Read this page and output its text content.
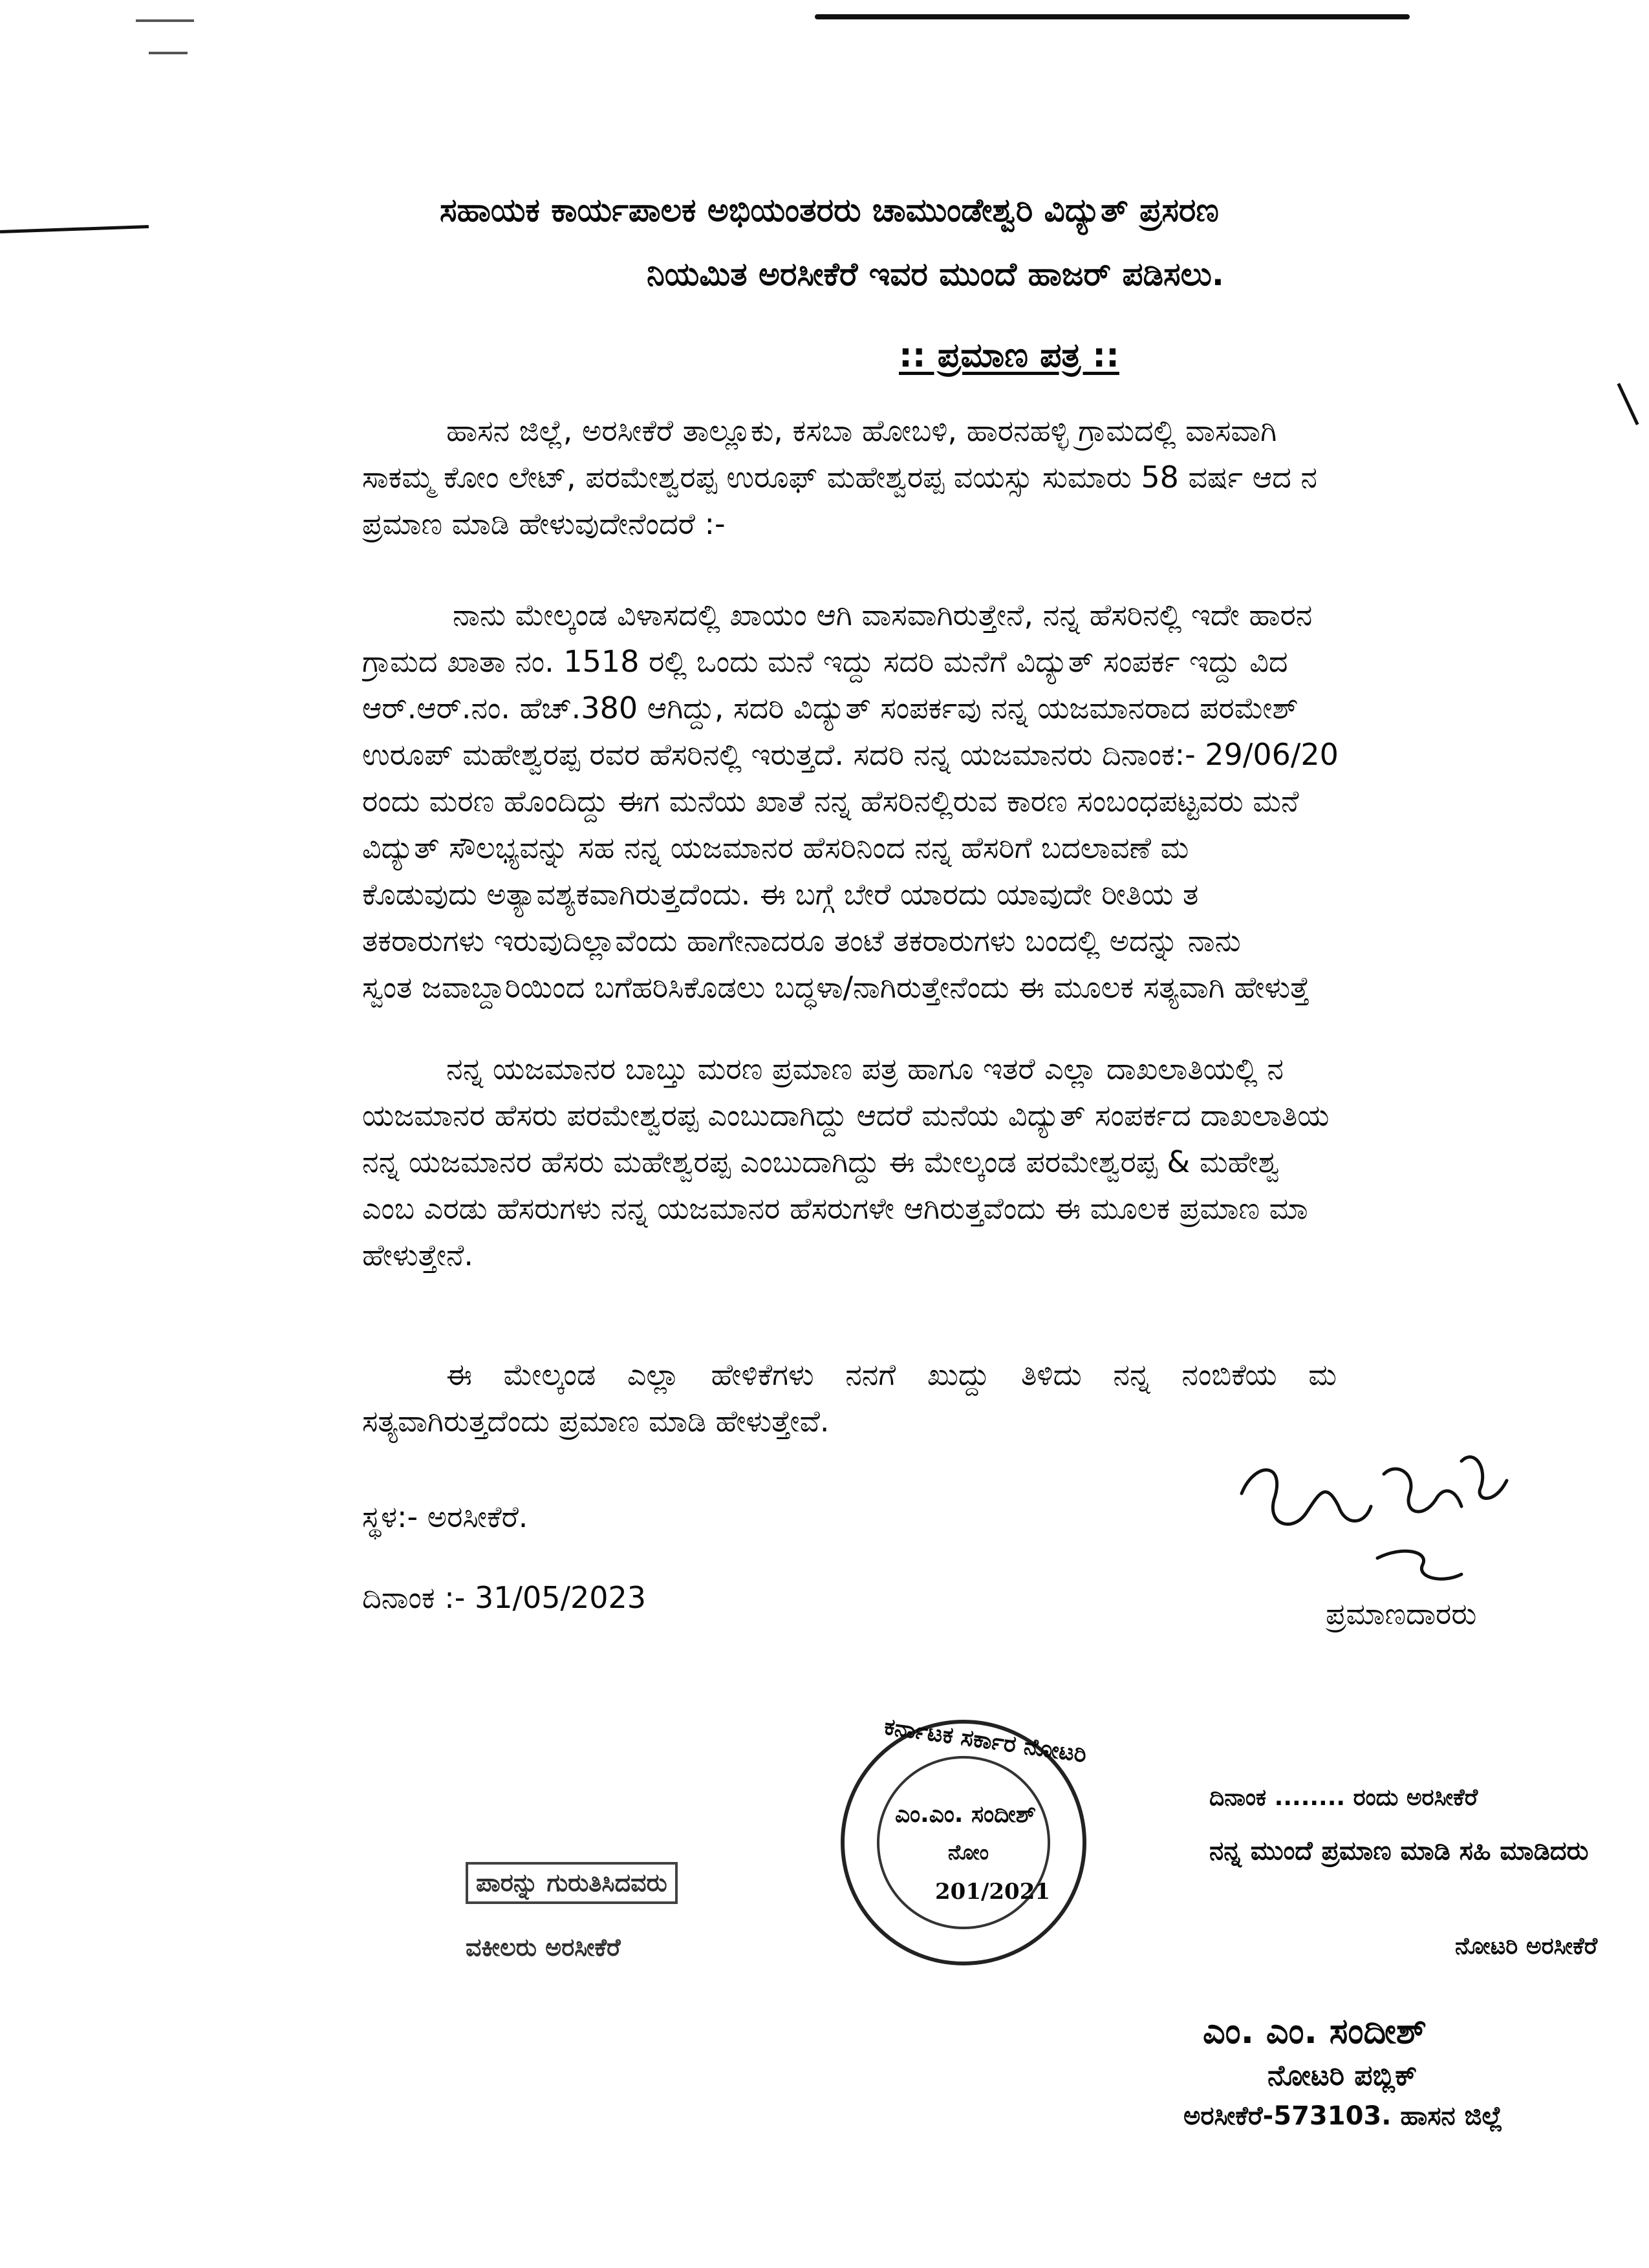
ಸಹಾಯಕ ಕಾರ್ಯಪಾಲಕ ಅಭಿಯಂತರರು ಚಾಮುಂಡೇಶ್ವರಿ ವಿದ್ಯುತ್ ಪ್ರಸರಣ
ನಿಯಮಿತ ಅರಸೀಕೆರೆ ಇವರ ಮುಂದೆ ಹಾಜರ್ ಪಡಿಸಲು.
:: ಪ್ರಮಾಣ ಪತ್ರ ::
ಹಾಸನ ಜಿಲ್ಲೆ, ಅರಸೀಕೆರೆ ತಾಲ್ಲೂಕು, ಕಸಬಾ ಹೋಬಳಿ, ಹಾರನಹಳ್ಳಿ ಗ್ರಾಮದಲ್ಲಿ ವಾಸವಾಗಿ
ಸಾಕಮ್ಮ ಕೋಂ ಲೇಟ್, ಪರಮೇಶ್ವರಪ್ಪ ಉರೂಫ್ ಮಹೇಶ್ವರಪ್ಪ ವಯಸ್ಸು ಸುಮಾರು 58 ವರ್ಷ ಆದ ನ
ಪ್ರಮಾಣ ಮಾಡಿ ಹೇಳುವುದೇನೆಂದರೆ :-
ನಾನು ಮೇಲ್ಕಂಡ ವಿಳಾಸದಲ್ಲಿ ಖಾಯಂ ಆಗಿ ವಾಸವಾಗಿರುತ್ತೇನೆ, ನನ್ನ ಹೆಸರಿನಲ್ಲಿ ಇದೇ ಹಾರನ
ಗ್ರಾಮದ ಖಾತಾ ನಂ. 1518 ರಲ್ಲಿ ಒಂದು ಮನೆ ಇದ್ದು ಸದರಿ ಮನೆಗೆ ವಿದ್ಯುತ್ ಸಂಪರ್ಕ ಇದ್ದು ವಿದ
ಆರ್.ಆರ್.ನಂ. ಹೆಚ್.380 ಆಗಿದ್ದು, ಸದರಿ ವಿದ್ಯುತ್ ಸಂಪರ್ಕವು ನನ್ನ ಯಜಮಾನರಾದ ಪರಮೇಶ್
ಉರೂಪ್ ಮಹೇಶ್ವರಪ್ಪ ರವರ ಹೆಸರಿನಲ್ಲಿ ಇರುತ್ತದೆ. ಸದರಿ ನನ್ನ ಯಜಮಾನರು ದಿನಾಂಕ:- 29/06/20
ರಂದು ಮರಣ ಹೊಂದಿದ್ದು ಈಗ ಮನೆಯ ಖಾತೆ ನನ್ನ ಹೆಸರಿನಲ್ಲಿರುವ ಕಾರಣ ಸಂಬಂಧಪಟ್ಟವರು ಮನೆ
ವಿದ್ಯುತ್ ಸೌಲಭ್ಯವನ್ನು ಸಹ ನನ್ನ ಯಜಮಾನರ ಹೆಸರಿನಿಂದ ನನ್ನ ಹೆಸರಿಗೆ ಬದಲಾವಣೆ ಮ
ಕೊಡುವುದು ಅತ್ಯಾವಶ್ಯಕವಾಗಿರುತ್ತದೆಂದು. ಈ ಬಗ್ಗೆ ಬೇರೆ ಯಾರದು ಯಾವುದೇ ರೀತಿಯ ತ
ತಕರಾರುಗಳು ಇರುವುದಿಲ್ಲಾವೆಂದು ಹಾಗೇನಾದರೂ ತಂಟೆ ತಕರಾರುಗಳು ಬಂದಲ್ಲಿ ಅದನ್ನು ನಾನು
ಸ್ವಂತ ಜವಾಬ್ದಾರಿಯಿಂದ ಬಗೆಹರಿಸಿಕೊಡಲು ಬದ್ಧಳಾ/ನಾಗಿರುತ್ತೇನೆಂದು ಈ ಮೂಲಕ ಸತ್ಯವಾಗಿ ಹೇಳುತ್ತೆ
ನನ್ನ ಯಜಮಾನರ ಬಾಬ್ತು ಮರಣ ಪ್ರಮಾಣ ಪತ್ರ ಹಾಗೂ ಇತರೆ ಎಲ್ಲಾ ದಾಖಲಾತಿಯಲ್ಲಿ ನ
ಯಜಮಾನರ ಹೆಸರು ಪರಮೇಶ್ವರಪ್ಪ ಎಂಬುದಾಗಿದ್ದು ಆದರೆ ಮನೆಯ ವಿದ್ಯುತ್ ಸಂಪರ್ಕದ ದಾಖಲಾತಿಯ
ನನ್ನ ಯಜಮಾನರ ಹೆಸರು ಮಹೇಶ್ವರಪ್ಪ ಎಂಬುದಾಗಿದ್ದು ಈ ಮೇಲ್ಕಂಡ ಪರಮೇಶ್ವರಪ್ಪ & ಮಹೇಶ್ವ
ಎಂಬ ಎರಡು ಹೆಸರುಗಳು ನನ್ನ ಯಜಮಾನರ ಹೆಸರುಗಳೇ ಆಗಿರುತ್ತವೆಂದು ಈ ಮೂಲಕ ಪ್ರಮಾಣ ಮಾ
ಹೇಳುತ್ತೇನೆ.
ಈ ಮೇಲ್ಕಂಡ ಎಲ್ಲಾ ಹೇಳಿಕೆಗಳು ನನಗೆ ಖುದ್ದು ತಿಳಿದು ನನ್ನ ನಂಬಿಕೆಯ ಮ
ಸತ್ಯವಾಗಿರುತ್ತದೆಂದು ಪ್ರಮಾಣ ಮಾಡಿ ಹೇಳುತ್ತೇವೆ.
ಸ್ಥಳ:- ಅರಸೀಕೆರೆ.
ದಿನಾಂಕ :- 31/05/2023	ಪ್ರಮಾಣದಾರರು
ಕರ್ನಾಟಕ ಸರ್ಕಾರ ನೋಟರಿ
ಎಂ.ಎಂ. ಸಂದೀಶ್
ನೋಂ
201/2021
ಪಾರನ್ನು ಗುರುತಿಸಿದವರು
ವಕೀಲರು ಅರಸೀಕೆರೆ
ದಿನಾಂಕ ........ ರಂದು ಅರಸೀಕೆರೆ
ನನ್ನ ಮುಂದೆ ಪ್ರಮಾಣ ಮಾಡಿ ಸಹಿ ಮಾಡಿದರು
ನೋಟರಿ ಅರಸೀಕೆರೆ
ಎಂ. ಎಂ. ಸಂದೀಶ್
ನೋಟರಿ ಪಬ್ಲಿಕ್
ಅರಸೀಕೆರೆ-573103. ಹಾಸನ ಜಿಲ್ಲೆ
